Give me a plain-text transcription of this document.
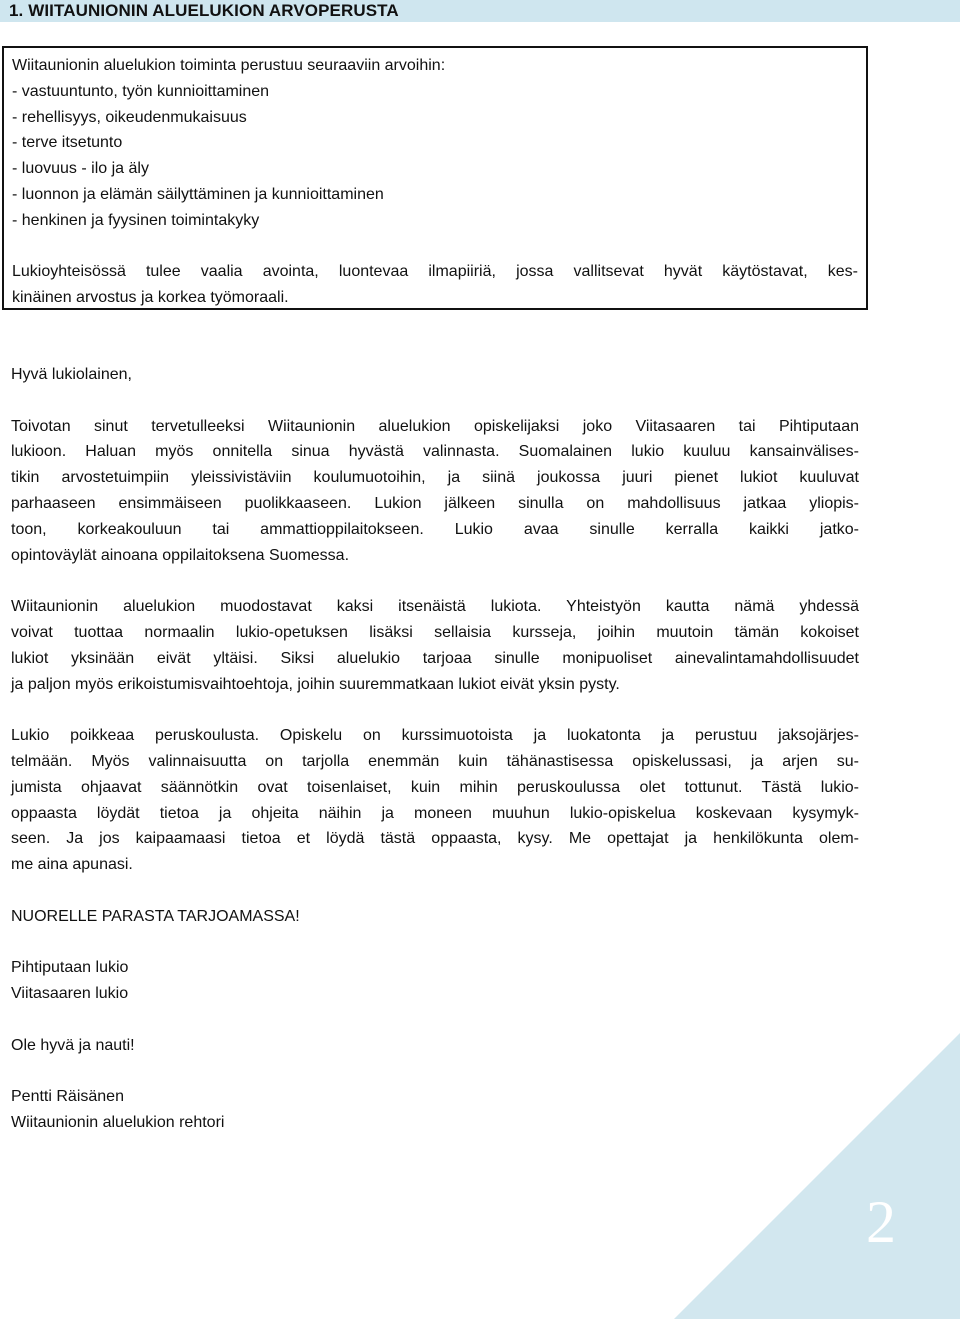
1. WIITAUNIONIN ALUELUKION ARVOPERUSTA
Wiitaunionin aluelukion toiminta perustuu seuraaviin arvoihin:
- vastuuntunto, työn kunnioittaminen
- rehellisyys, oikeudenmukaisuus
- terve itsetunto
- luovuus - ilo ja äly
- luonnon ja elämän säilyttäminen ja kunnioittaminen
- henkinen ja fyysinen toimintakyky
Lukioyhteisössä tulee vaalia avointa, luontevaa ilmapiiriä, jossa vallitsevat hyvät käytöstavat, kes-
kinäinen arvostus ja korkea työmoraali.
Hyvä lukiolainen,
Toivotan sinut tervetulleeksi Wiitaunionin aluelukion opiskelijaksi joko Viitasaaren tai Pihtiputaan
lukioon. Haluan myös onnitella sinua hyvästä valinnasta. Suomalainen lukio kuuluu kansainvälises-
tikin arvostetuimpiin yleissivistäviin koulumuotoihin, ja siinä joukossa juuri pienet lukiot kuuluvat
parhaaseen ensimmäiseen puolikkaaseen. Lukion jälkeen sinulla on mahdollisuus jatkaa yliopis-
toon, korkeakouluun tai ammattioppilaitokseen. Lukio avaa sinulle kerralla kaikki jatko-
opintoväylät ainoana oppilaitoksena Suomessa.
Wiitaunionin aluelukion muodostavat kaksi itsenäistä lukiota. Yhteistyön kautta nämä yhdessä
voivat tuottaa normaalin lukio-opetuksen lisäksi sellaisia kursseja, joihin muutoin tämän kokoiset
lukiot yksinään eivät yltäisi. Siksi aluelukio tarjoaa sinulle monipuoliset ainevalintamahdollisuudet
ja paljon myös erikoistumisvaihtoehtoja, joihin suuremmatkaan lukiot eivät yksin pysty.
Lukio poikkeaa peruskoulusta. Opiskelu on kurssimuotoista ja luokatonta ja perustuu jaksojärjes-
telmään. Myös valinnaisuutta on tarjolla enemmän kuin tähänastisessa opiskelussasi, ja arjen su-
jumista ohjaavat säännötkin ovat toisenlaiset, kuin mihin peruskoulussa olet tottunut. Tästä lukio-
oppaasta löydät tietoa ja ohjeita näihin ja moneen muuhun lukio-opiskelua koskevaan kysymyk-
seen. Ja jos kaipaamaasi tietoa et löydä tästä oppaasta, kysy. Me opettajat ja henkilökunta olem-
me aina apunasi.
NUORELLE PARASTA TARJOAMASSA!
Pihtiputaan lukio
Viitasaaren lukio
Ole hyvä ja nauti!
Pentti Räisänen
Wiitaunionin aluelukion rehtori
2
